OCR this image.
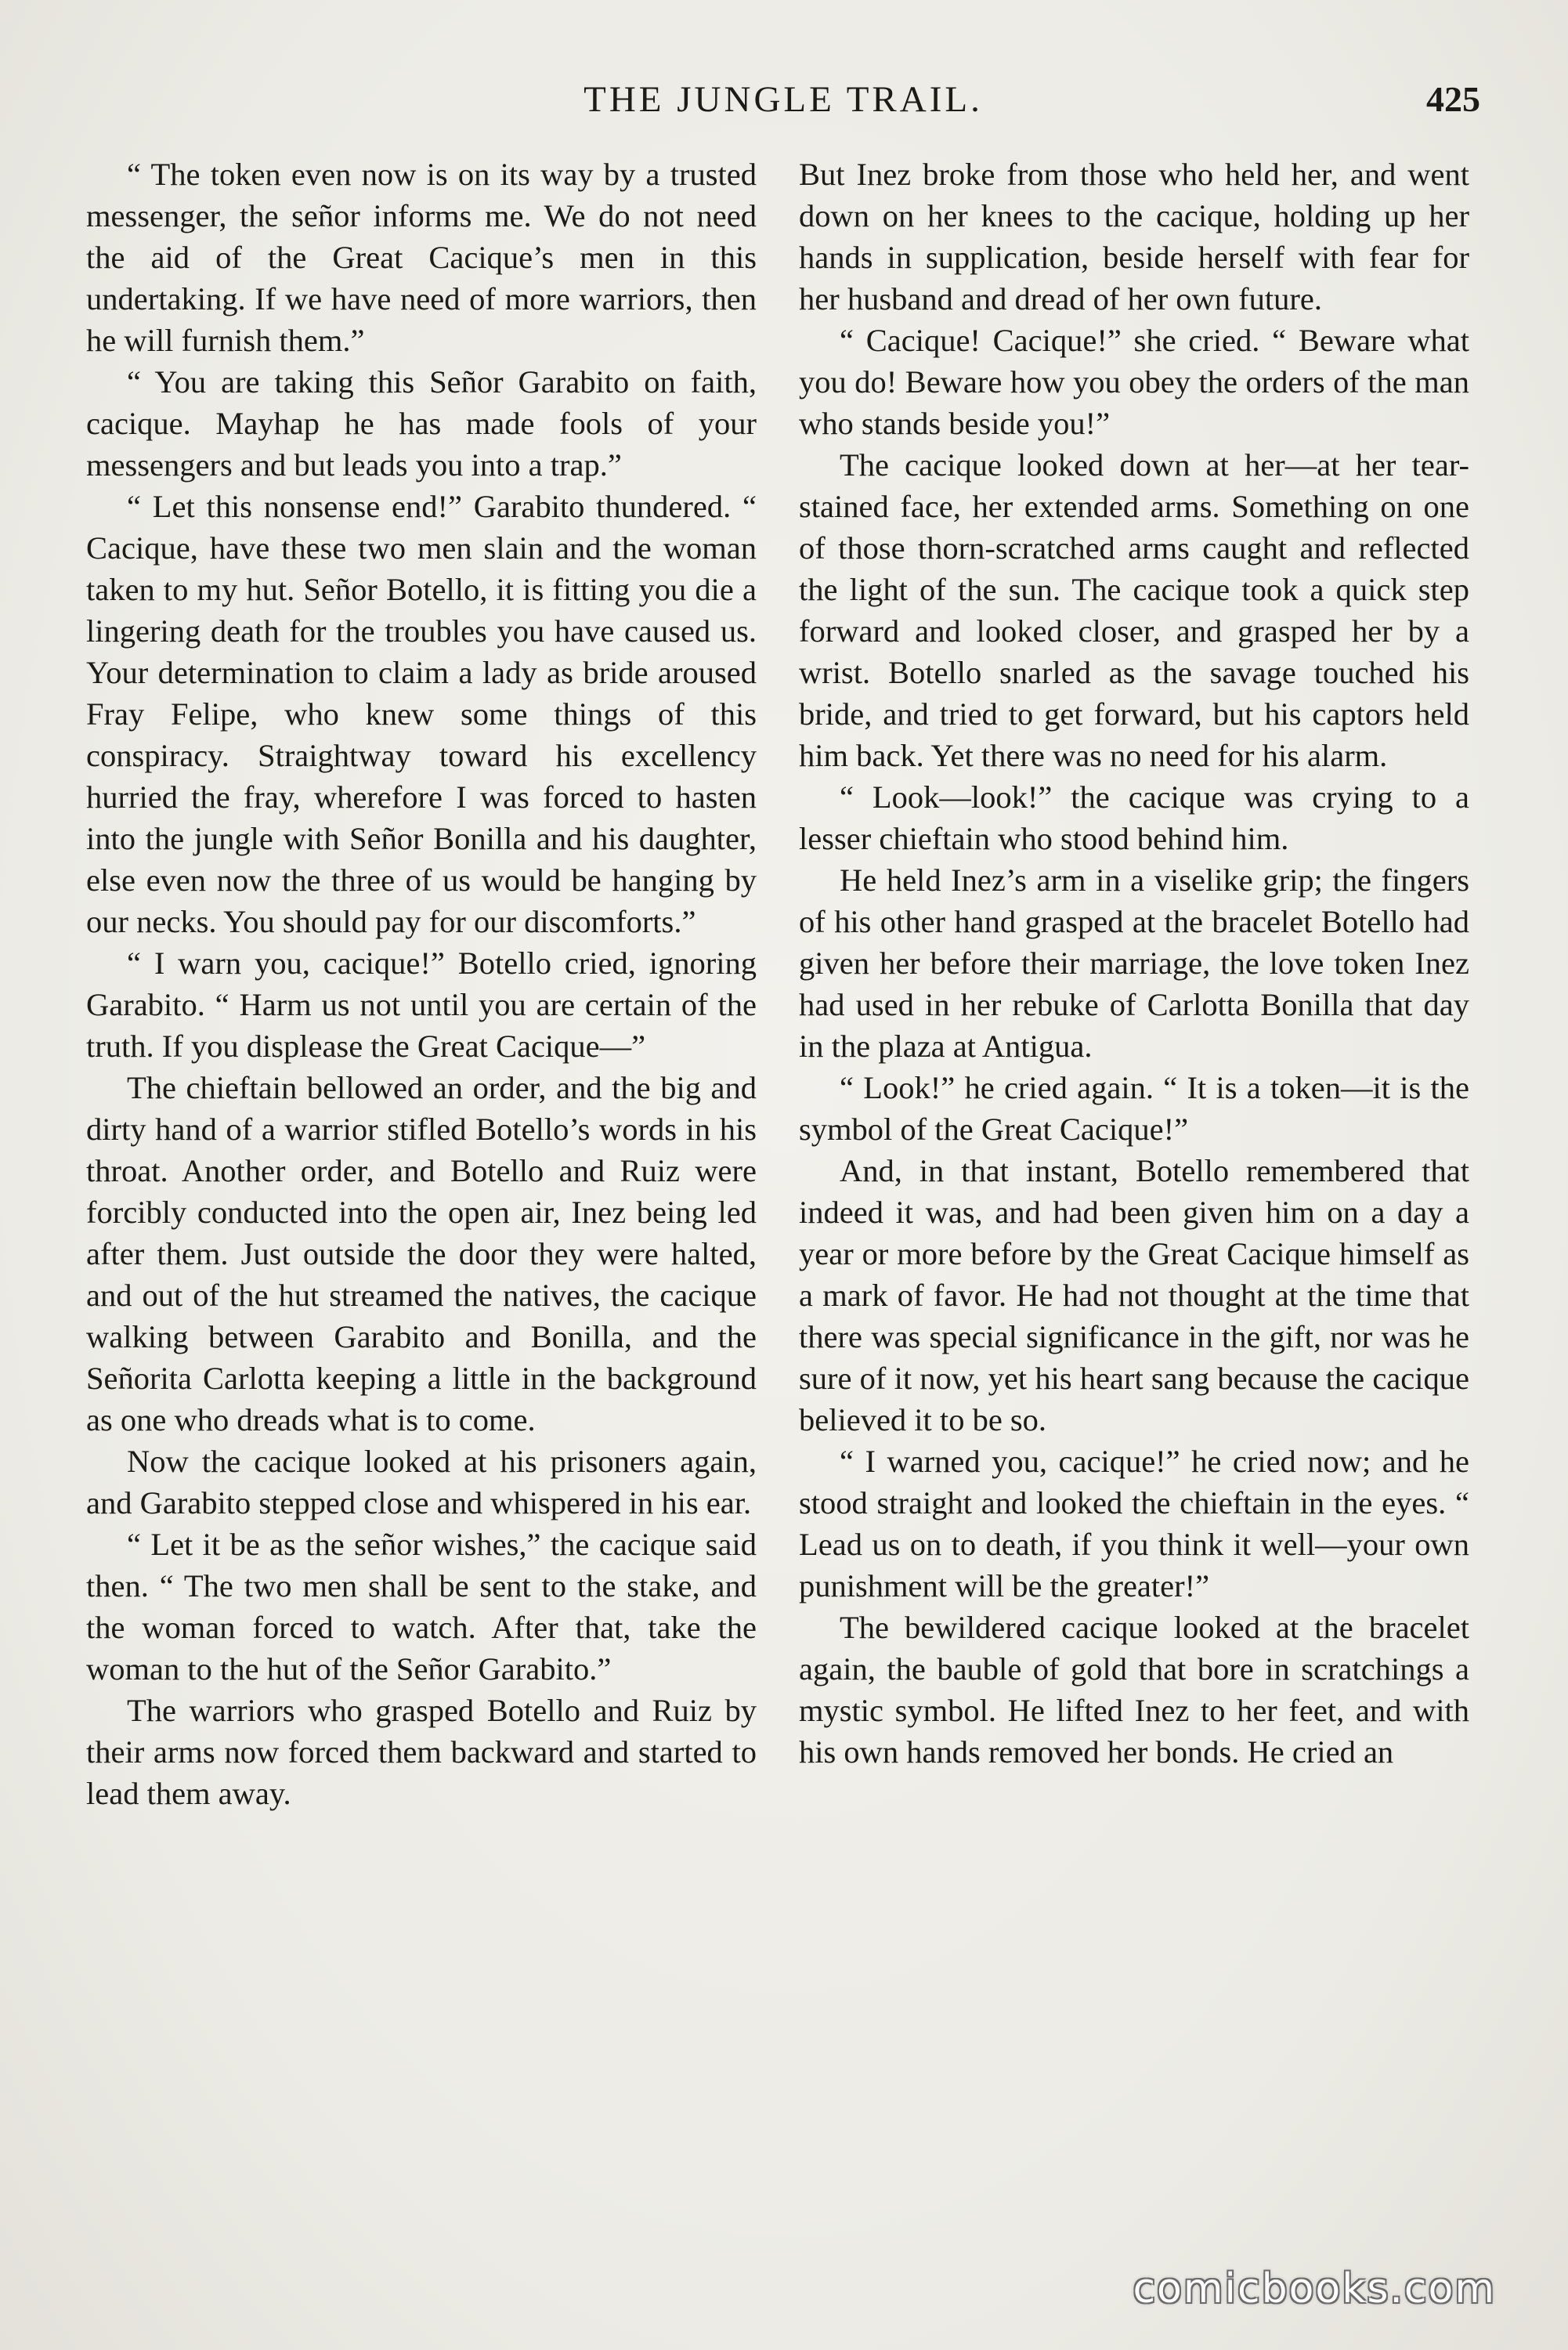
THE JUNGLE TRAIL.	425

“ The token even now is on its way by a trusted messenger, the señor informs me. We do not need the aid of the Great Cacique’s men in this undertaking. If we have need of more warriors, then he will furnish them.”

“ You are taking this Señor Garabito on faith, cacique. Mayhap he has made fools of your messengers and but leads you into a trap.”

“ Let this nonsense end!” Garabito thundered. “ Cacique, have these two men slain and the woman taken to my hut. Señor Botello, it is fitting you die a lingering death for the troubles you have caused us. Your determination to claim a lady as bride aroused Fray Felipe, who knew some things of this conspiracy. Straightway toward his excellency hurried the fray, wherefore I was forced to hasten into the jungle with Señor Bonilla and his daughter, else even now the three of us would be hanging by our necks. You should pay for our discomforts.”

“ I warn you, cacique!” Botello cried, ignoring Garabito. “ Harm us not until you are certain of the truth. If you displease the Great Cacique—”

The chieftain bellowed an order, and the big and dirty hand of a warrior stifled Botello’s words in his throat. Another order, and Botello and Ruiz were forcibly conducted into the open air, Inez being led after them. Just outside the door they were halted, and out of the hut streamed the natives, the cacique walking between Garabito and Bonilla, and the Señorita Carlotta keeping a little in the background as one who dreads what is to come.

Now the cacique looked at his prisoners again, and Garabito stepped close and whispered in his ear.

“ Let it be as the señor wishes,” the cacique said then. “ The two men shall be sent to the stake, and the woman forced to watch. After that, take the woman to the hut of the Señor Garabito.”

The warriors who grasped Botello and Ruiz by their arms now forced them backward and started to lead them away.

But Inez broke from those who held her, and went down on her knees to the cacique, holding up her hands in supplication, beside herself with fear for her husband and dread of her own future.

“ Cacique! Cacique!” she cried. “ Beware what you do! Beware how you obey the orders of the man who stands beside you!”

The cacique looked down at her—at her tear-stained face, her extended arms. Something on one of those thorn-scratched arms caught and reflected the light of the sun. The cacique took a quick step forward and looked closer, and grasped her by a wrist. Botello snarled as the savage touched his bride, and tried to get forward, but his captors held him back. Yet there was no need for his alarm.

“ Look—look!” the cacique was crying to a lesser chieftain who stood behind him.

He held Inez’s arm in a viselike grip; the fingers of his other hand grasped at the bracelet Botello had given her before their marriage, the love token Inez had used in her rebuke of Carlotta Bonilla that day in the plaza at Antigua.

“ Look!” he cried again. “ It is a token—it is the symbol of the Great Cacique!”

And, in that instant, Botello remembered that indeed it was, and had been given him on a day a year or more before by the Great Cacique himself as a mark of favor. He had not thought at the time that there was special significance in the gift, nor was he sure of it now, yet his heart sang because the cacique believed it to be so.

“ I warned you, cacique!” he cried now; and he stood straight and looked the chieftain in the eyes. “ Lead us on to death, if you think it well—your own punishment will be the greater!”

The bewildered cacique looked at the bracelet again, the bauble of gold that bore in scratchings a mystic symbol. He lifted Inez to her feet, and with his own hands removed her bonds. He cried an

comicbooks.com
